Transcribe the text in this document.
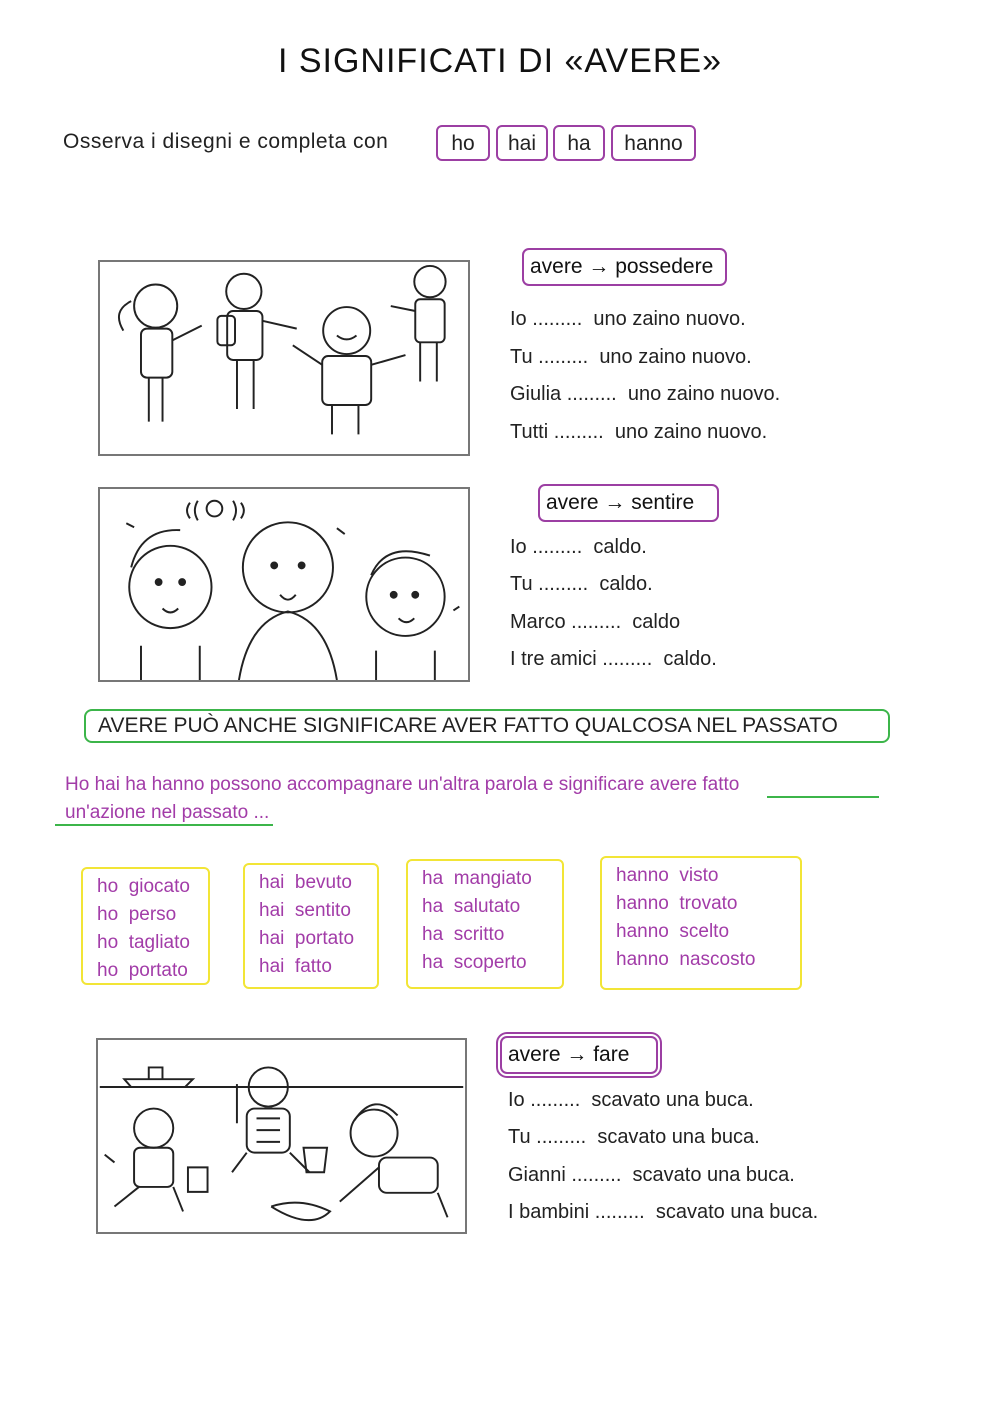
I SIGNIFICATI DI «AVERE»
Osserva i disegni e completa con	ho	hai	ha	hanno
avere → possedere
Io ......... uno zaino nuovo.
Tu ......... uno zaino nuovo.
Giulia ......... uno zaino nuovo.
Tutti ......... uno zaino nuovo.
avere → sentire
Io ......... caldo.
Tu ......... caldo.
Marco ......... caldo
I tre amici ......... caldo.
AVERE PUÒ ANCHE SIGNIFICARE AVER FATTO QUALCOSA NEL PASSATO
Ho hai ha hanno possono accompagnare un'altra parola e significare avere fatto
un'azione nel passato ...
ho  giocato
ho  perso
ho  tagliato
ho  portato
hai  bevuto
hai  sentito
hai  portato
hai  fatto
ha  mangiato
ha  salutato
ha  scritto
ha  scoperto
hanno  visto
hanno  trovato
hanno  scelto
hanno  nascosto
avere → fare
Io ......... scavato una buca.
Tu ......... scavato una buca.
Gianni ......... scavato una buca.
I bambini ......... scavato una buca.
